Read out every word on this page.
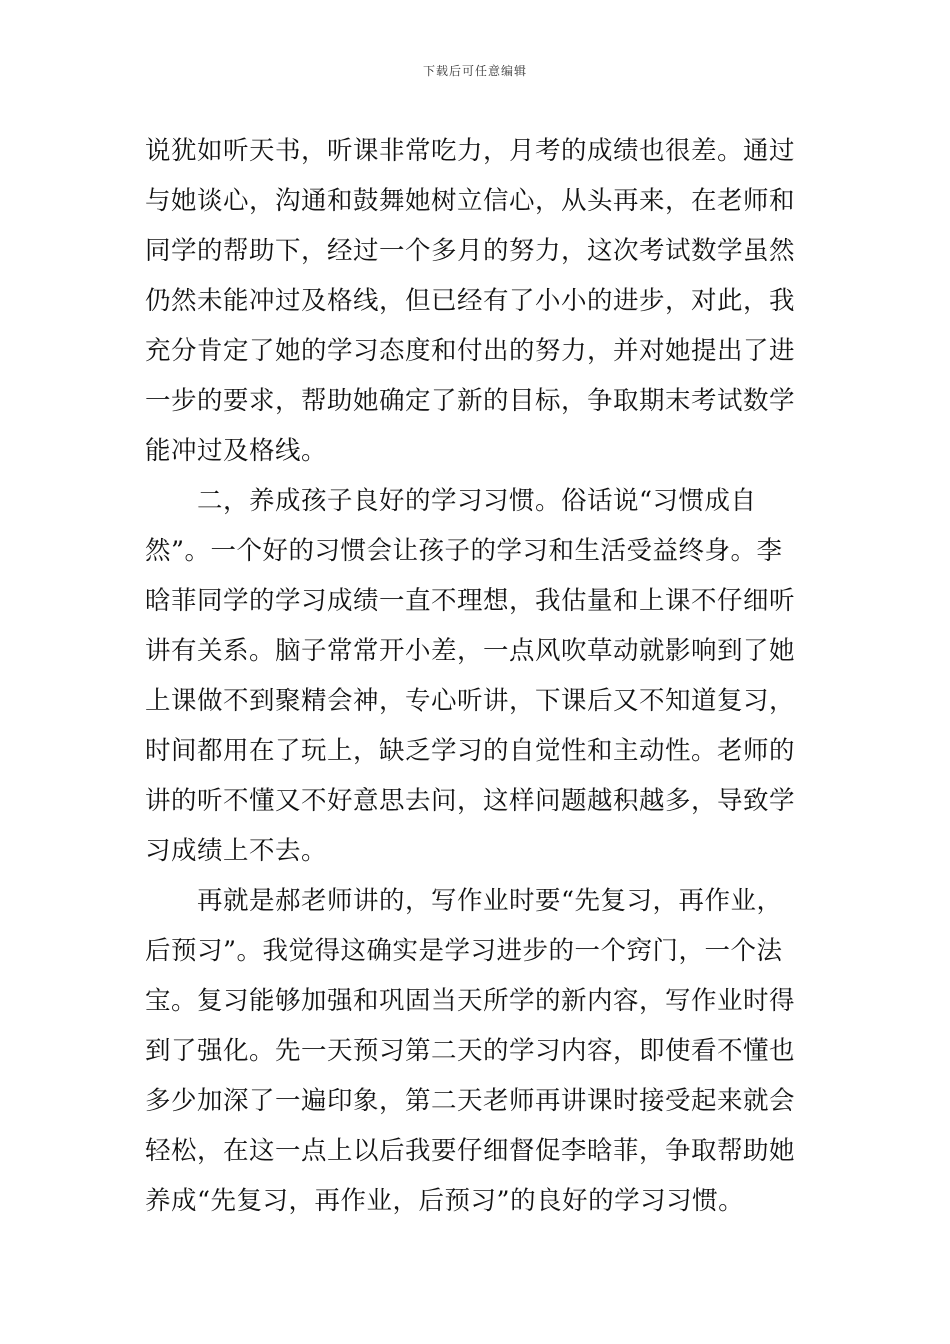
下载后可任意编辑
说犹如听天书，听课非常吃力，月考的成绩也很差。通过
与她谈心，沟通和鼓舞她树立信心，从头再来，在老师和
同学的帮助下，经过一个多月的努力，这次考试数学虽然
仍然未能冲过及格线，但已经有了小小的进步，对此，我
充分肯定了她的学习态度和付出的努力，并对她提出了进
一步的要求，帮助她确定了新的目标，争取期末考试数学
能冲过及格线。
二，养成孩子良好的学习习惯。俗话说“习惯成自
然”。一个好的习惯会让孩子的学习和生活受益终身。李
晗菲同学的学习成绩一直不理想，我估量和上课不仔细听
讲有关系。脑子常常开小差，一点风吹草动就影响到了她
上课做不到聚精会神，专心听讲，下课后又不知道复习，
时间都用在了玩上，缺乏学习的自觉性和主动性。老师的
讲的听不懂又不好意思去问，这样问题越积越多，导致学
习成绩上不去。
再就是郝老师讲的，写作业时要“先复习，再作业，
后预习”。我觉得这确实是学习进步的一个窍门，一个法
宝。复习能够加强和巩固当天所学的新内容，写作业时得
到了强化。先一天预习第二天的学习内容，即使看不懂也
多少加深了一遍印象，第二天老师再讲课时接受起来就会
轻松，在这一点上以后我要仔细督促李晗菲，争取帮助她
养成“先复习，再作业，后预习”的良好的学习习惯。
